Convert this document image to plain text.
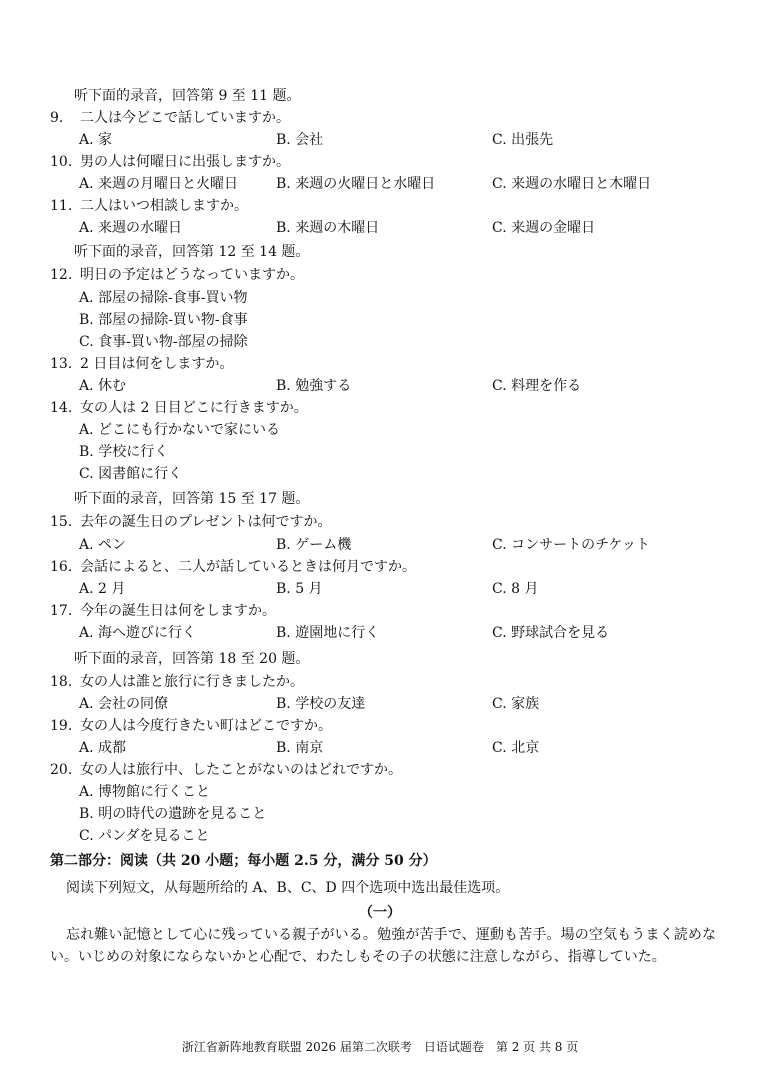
听下面的录音，回答第 9 至 11 题。
9. 二人は今どこで話していますか。
A. 家	B. 会社	C. 出張先
10. 男の人は何曜日に出張しますか。
A. 来週の月曜日と火曜日	B. 来週の火曜日と水曜日	C. 来週の水曜日と木曜日
11. 二人はいつ相談しますか。
A. 来週の水曜日	B. 来週の木曜日	C. 来週の金曜日
听下面的录音，回答第 12 至 14 题。
12. 明日の予定はどうなっていますか。
A. 部屋の掃除-食事-買い物
B. 部屋の掃除-買い物-食事
C. 食事-買い物-部屋の掃除
13. 2 日目は何をしますか。
A. 休む	B. 勉強する	C. 料理を作る
14. 女の人は 2 日目どこに行きますか。
A. どこにも行かないで家にいる
B. 学校に行く
C. 図書館に行く
听下面的录音，回答第 15 至 17 题。
15. 去年の誕生日のプレゼントは何ですか。
A. ペン	B. ゲーム機	C. コンサートのチケット
16. 会話によると、二人が話しているときは何月ですか。
A. 2 月	B. 5 月	C. 8 月
17. 今年の誕生日は何をしますか。
A. 海へ遊びに行く	B. 遊園地に行く	C. 野球試合を見る
听下面的录音，回答第 18 至 20 题。
18. 女の人は誰と旅行に行きましたか。
A. 会社の同僚	B. 学校の友達	C. 家族
19. 女の人は今度行きたい町はどこですか。
A. 成都	B. 南京	C. 北京
20. 女の人は旅行中、したことがないのはどれですか。
A. 博物館に行くこと
B. 明の時代の遺跡を見ること
C. パンダを見ること
第二部分：阅读（共 20 小题；每小题 2.5 分，满分 50 分）
阅读下列短文，从每题所给的 A、B、C、D 四个选项中选出最佳选项。
（一）
忘れ難い記憶として心に残っている親子がいる。勉強が苦手で、運動も苦手。場の空気もうまく読めない。いじめの対象にならないかと心配で、わたしもその子の状態に注意しながら、指導していた。
浙江省新阵地教育联盟 2026 届第二次联考　日语试题卷　第 2 页 共 8 页
